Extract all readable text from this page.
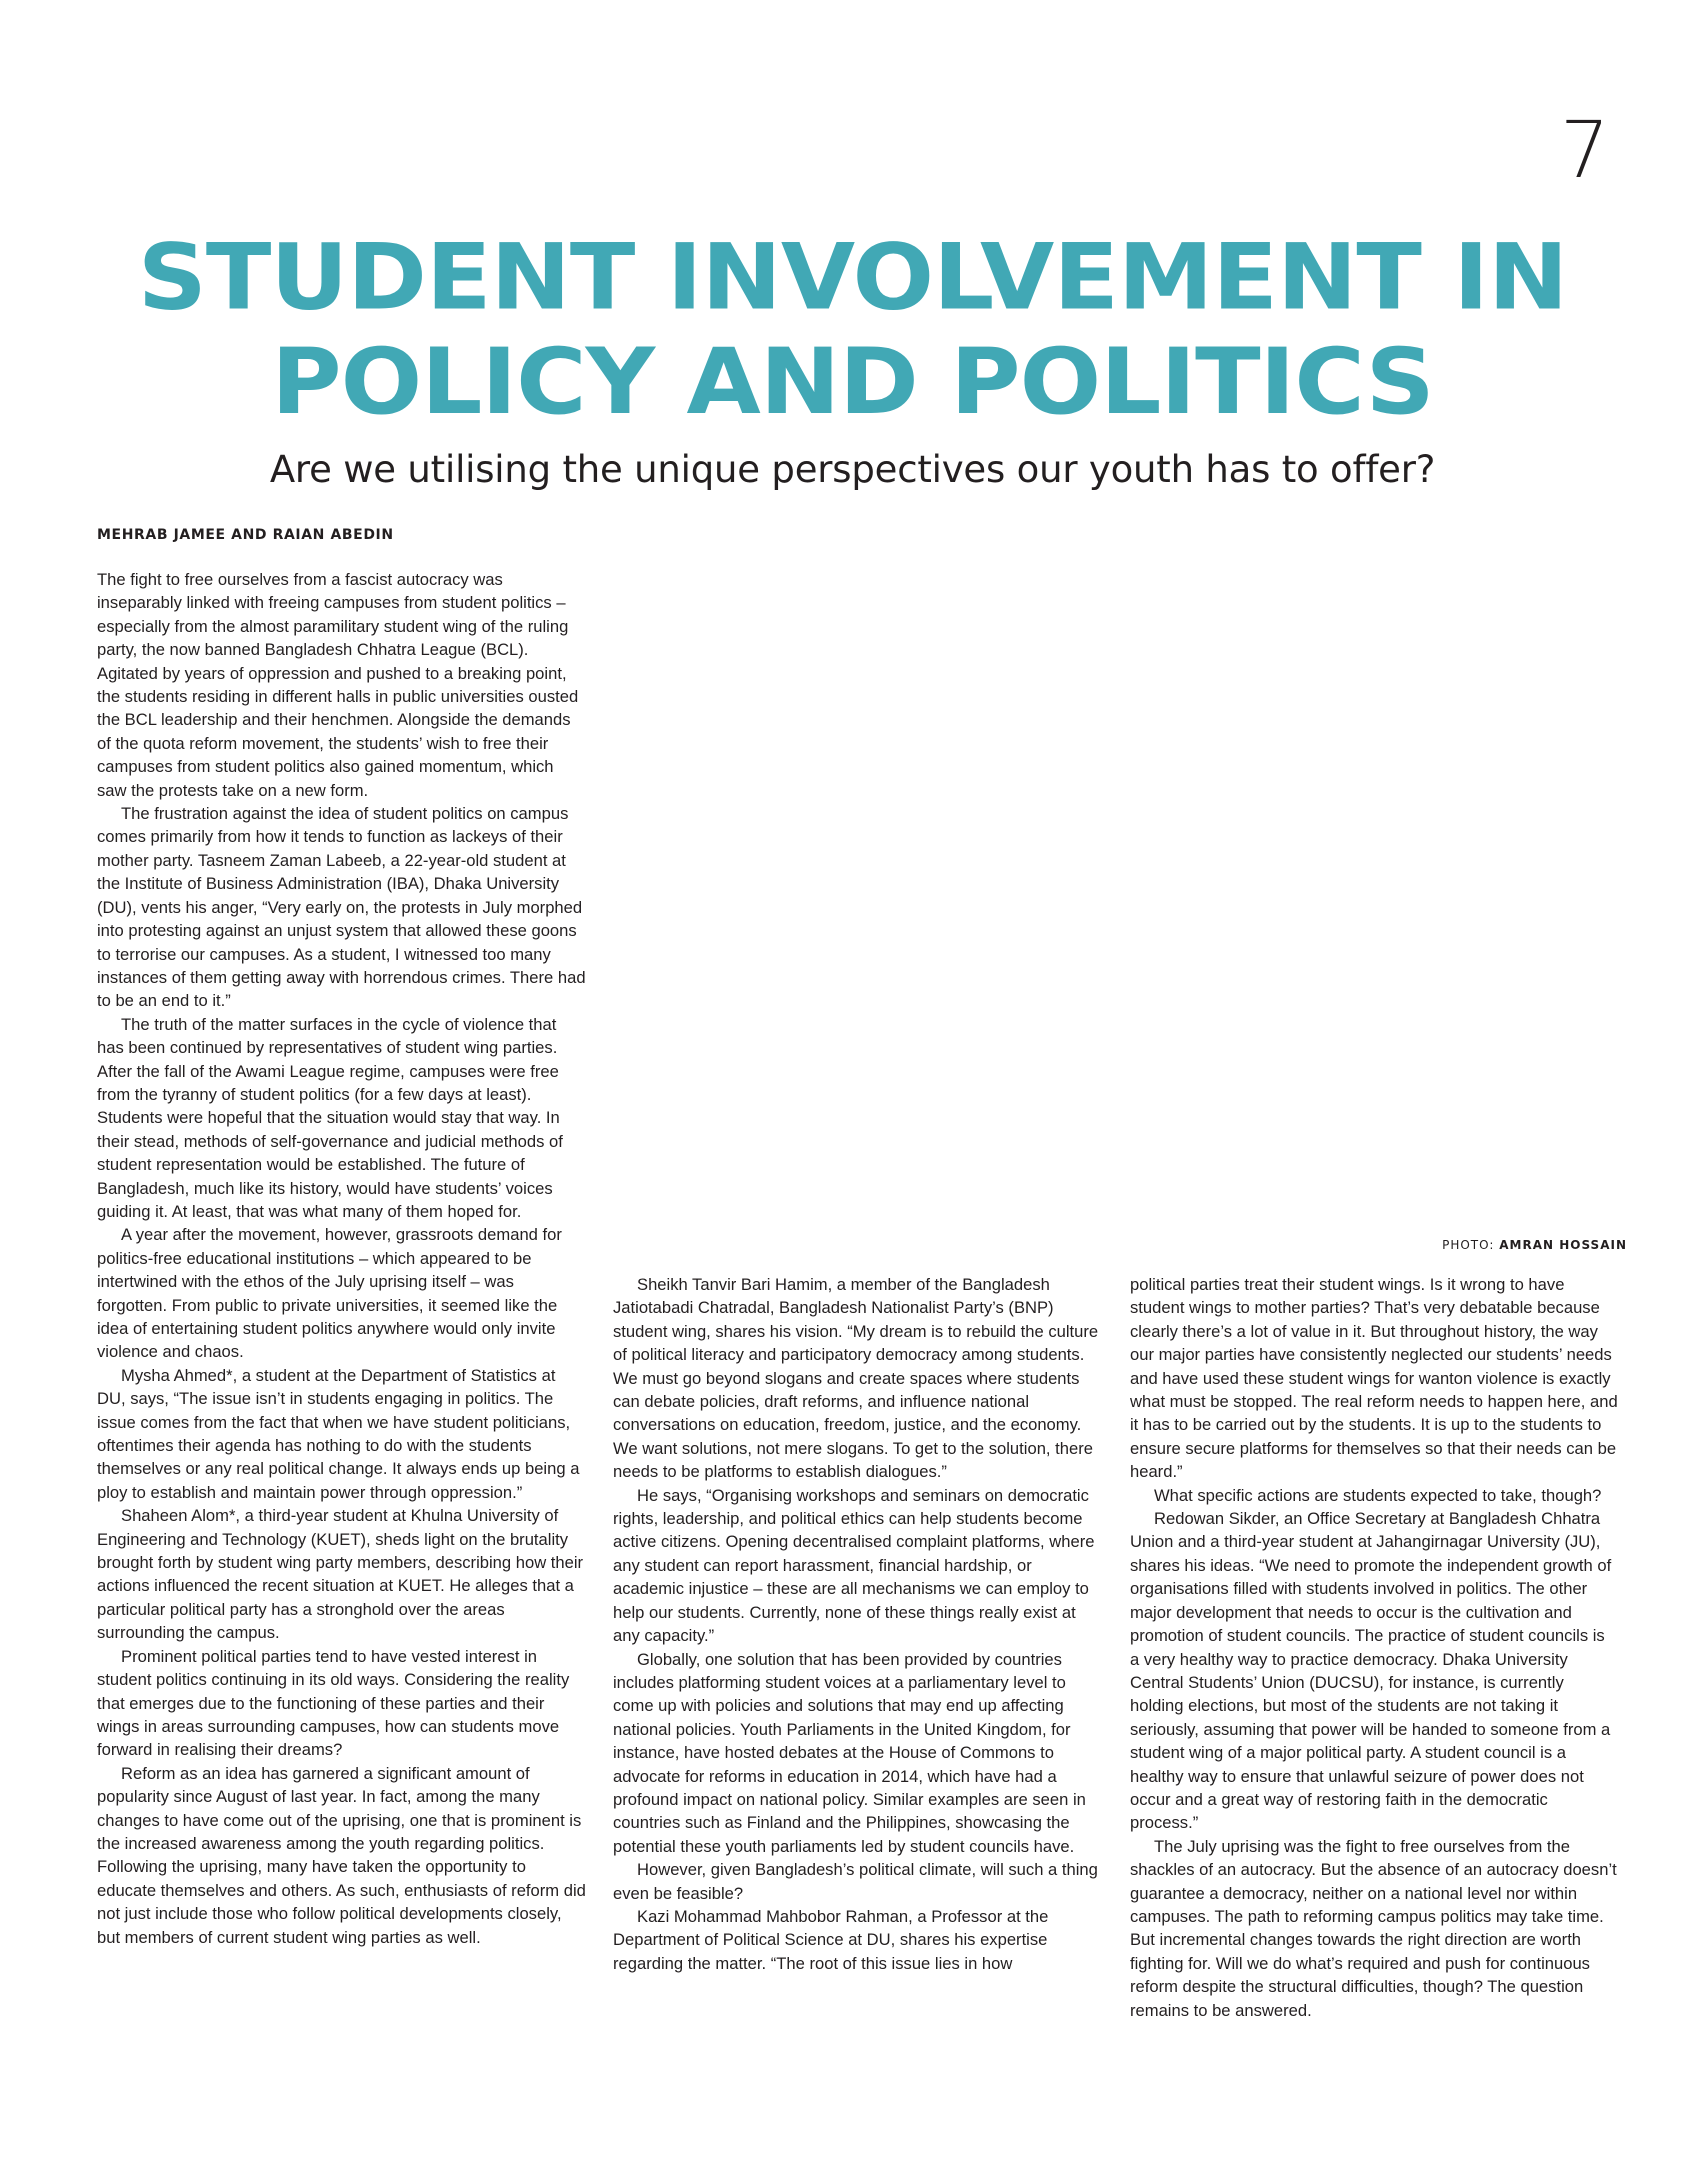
7
STUDENT INVOLVEMENT IN
POLICY AND POLITICS
Are we utilising the unique perspectives our youth has to offer?
MEHRAB JAMEE AND RAIAN ABEDIN
PHOTO: AMRAN HOSSAIN

The fight to free ourselves from a fascist autocracy was inseparably linked with freeing campuses from student politics – especially from the almost paramilitary student wing of the ruling party, the now banned Bangladesh Chhatra League (BCL). Agitated by years of oppression and pushed to a breaking point, the students residing in different halls in public universities ousted the BCL leadership and their henchmen. Alongside the demands of the quota reform movement, the students’ wish to free their campuses from student politics also gained momentum, which saw the protests take on a new form.

The frustration against the idea of student politics on campus comes primarily from how it tends to function as lackeys of their mother party. Tasneem Zaman Labeeb, a 22-year-old student at the Institute of Business Administration (IBA), Dhaka University (DU), vents his anger, “Very early on, the protests in July morphed into protesting against an unjust system that allowed these goons to terrorise our campuses. As a student, I witnessed too many instances of them getting away with horrendous crimes. There had to be an end to it.”

The truth of the matter surfaces in the cycle of violence that has been continued by representatives of student wing parties. After the fall of the Awami League regime, campuses were free from the tyranny of student politics (for a few days at least). Students were hopeful that the situation would stay that way. In their stead, methods of self-governance and judicial methods of student representation would be established. The future of Bangladesh, much like its history, would have students’ voices guiding it. At least, that was what many of them hoped for.

A year after the movement, however, grassroots demand for politics-free educational institutions – which appeared to be intertwined with the ethos of the July uprising itself – was forgotten. From public to private universities, it seemed like the idea of entertaining student politics anywhere would only invite violence and chaos.

Mysha Ahmed*, a student at the Department of Statistics at DU, says, “The issue isn’t in students engaging in politics. The issue comes from the fact that when we have student politicians, oftentimes their agenda has nothing to do with the students themselves or any real political change. It always ends up being a ploy to establish and maintain power through oppression.”

Shaheen Alom*, a third-year student at Khulna University of Engineering and Technology (KUET), sheds light on the brutality brought forth by student wing party members, describing how their actions influenced the recent situation at KUET. He alleges that a particular political party has a stronghold over the areas surrounding the campus.

Prominent political parties tend to have vested interest in student politics continuing in its old ways. Considering the reality that emerges due to the functioning of these parties and their wings in areas surrounding campuses, how can students move forward in realising their dreams?

Reform as an idea has garnered a significant amount of popularity since August of last year. In fact, among the many changes to have come out of the uprising, one that is prominent is the increased awareness among the youth regarding politics. Following the uprising, many have taken the opportunity to educate themselves and others. As such, enthusiasts of reform did not just include those who follow political developments closely, but members of current student wing parties as well.

Sheikh Tanvir Bari Hamim, a member of the Bangladesh Jatiotabadi Chatradal, Bangladesh Nationalist Party’s (BNP) student wing, shares his vision. “My dream is to rebuild the culture of political literacy and participatory democracy among students. We must go beyond slogans and create spaces where students can debate policies, draft reforms, and influence national conversations on education, freedom, justice, and the economy. We want solutions, not mere slogans. To get to the solution, there needs to be platforms to establish dialogues.”

He says, “Organising workshops and seminars on democratic rights, leadership, and political ethics can help students become active citizens. Opening decentralised complaint platforms, where any student can report harassment, financial hardship, or academic injustice – these are all mechanisms we can employ to help our students. Currently, none of these things really exist at any capacity.”

Globally, one solution that has been provided by countries includes platforming student voices at a parliamentary level to come up with policies and solutions that may end up affecting national policies. Youth Parliaments in the United Kingdom, for instance, have hosted debates at the House of Commons to advocate for reforms in education in 2014, which have had a profound impact on national policy. Similar examples are seen in countries such as Finland and the Philippines, showcasing the potential these youth parliaments led by student councils have.

However, given Bangladesh’s political climate, will such a thing even be feasible?

Kazi Mohammad Mahbobor Rahman, a Professor at the Department of Political Science at DU, shares his expertise regarding the matter. “The root of this issue lies in how

political parties treat their student wings. Is it wrong to have student wings to mother parties? That’s very debatable because clearly there’s a lot of value in it. But throughout history, the way our major parties have consistently neglected our students’ needs and have used these student wings for wanton violence is exactly what must be stopped. The real reform needs to happen here, and it has to be carried out by the students. It is up to the students to ensure secure platforms for themselves so that their needs can be heard.”

What specific actions are students expected to take, though?

Redowan Sikder, an Office Secretary at Bangladesh Chhatra Union and a third-year student at Jahangirnagar University (JU), shares his ideas. “We need to promote the independent growth of organisations filled with students involved in politics. The other major development that needs to occur is the cultivation and promotion of student councils. The practice of student councils is a very healthy way to practice democracy. Dhaka University Central Students’ Union (DUCSU), for instance, is currently holding elections, but most of the students are not taking it seriously, assuming that power will be handed to someone from a student wing of a major political party. A student council is a healthy way to ensure that unlawful seizure of power does not occur and a great way of restoring faith in the democratic process.”

The July uprising was the fight to free ourselves from the shackles of an autocracy. But the absence of an autocracy doesn’t guarantee a democracy, neither on a national level nor within campuses. The path to reforming campus politics may take time. But incremental changes towards the right direction are worth fighting for. Will we do what’s required and push for continuous reform despite the structural difficulties, though? The question remains to be answered.
